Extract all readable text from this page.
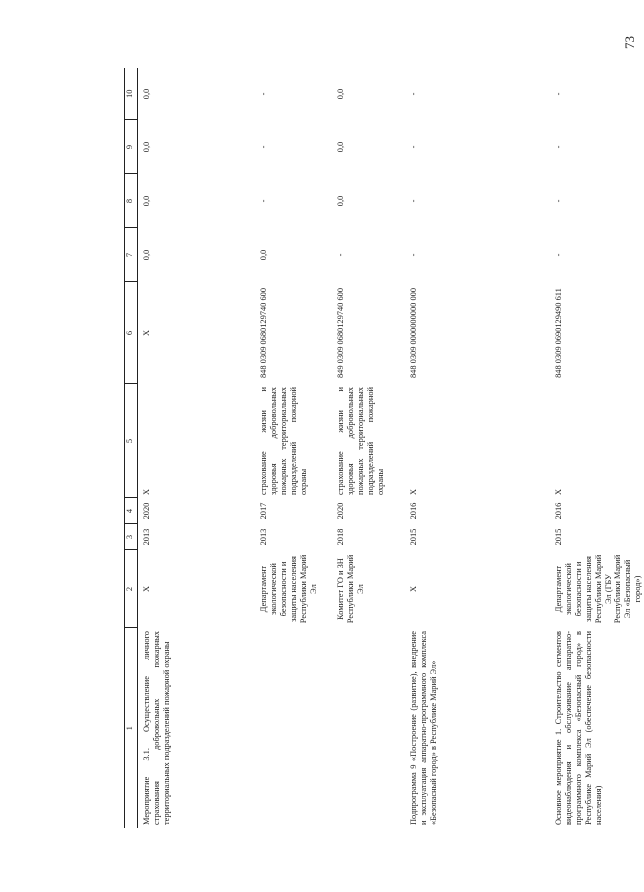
73
1	2	3	4	5	6	7	8	9	10
Мероприятие 3.1. Осуществление личного страхования добровольных пожарных территориальных подразделений пожарной охраны	Х	2013	2020	Х	Х	0,0	0,0	0,0	0,0
	Департамент экологической безопасности и защиты населения Республики Марий Эл	2013	2017	страхование жизни и здоровья добровольных пожарных территориальных подразделений пожарной охраны	848 0309 0680129740 600	0,0	-	-	-
	Комитет ГО и ЗН Республики Марий Эл	2018	2020	страхование жизни и здоровья добровольных пожарных территориальных подразделений пожарной охраны	849 0309 0680129740 600	-	0,0	0,0	0,0
Подпрограмма 9 «Построение (развитие), внедрение и эксплуатация аппаратно-программного комплекса «Безопасный город» в Республике Марий Эл»	Х	2015	2016	Х	848 0309 0000000000 000	-	-	-	-
Основное мероприятие 1. Строительство сегментов видеонаблюдения и обслуживание аппаратно-программного комплекса «Безопасный город» в Республике Марий Эл (обеспечение безопасности населения)	Департамент экологической безопасности и защиты населения Республики Марий Эл (ГБУ Республики Марий Эл «Безопасный город»)	2015	2016	Х	848 0309 0690129490 611	-	-	-	-
